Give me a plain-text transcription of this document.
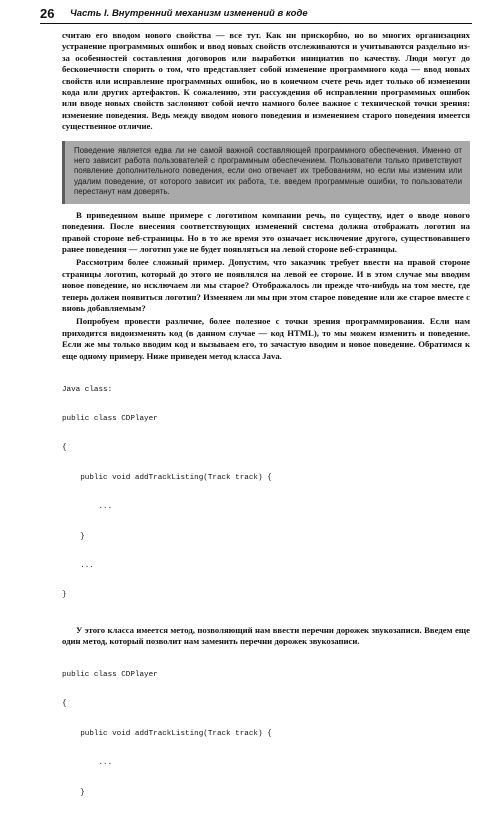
26 Часть I. Внутренний механизм изменений в коде

считаю его вводом нового свойства — все тут. Как ни прискорбно, но во многих организациях устранение программных ошибок и ввод новых свойств отслеживаются и учитываются раздельно из-за особенностей составления договоров или выработки инициатив по качеству. Люди могут до бесконечности спорить о том, что представляет собой изменение программного кода — ввод новых свойств или исправление программных ошибок, но в конечном счете речь идет только об изменении кода или других артефактов. К сожалению, эти рассуждения об исправлении программных ошибок или вводе новых свойств заслоняют собой нечто намного более важное с технической точки зрения: изменение поведения. Ведь между вводом нового поведения и изменением старого поведения имеется существенное отличие.

Поведение является едва ли не самой важной составляющей программного обеспечения. Именно от него зависит работа пользователей с программным обеспечением. Пользователи только приветствуют появление дополнительного поведения, если оно отвечает их требованиям, но если мы изменим или удалим поведение, от которого зависит их работа, т.е. введем программные ошибки, то пользователи перестанут нам доверять.

В приведенном выше примере с логотипом компании речь, по существу, идет о вводе нового поведения. После внесения соответствующих изменений система должна отображать логотип на правой стороне веб-страницы. Но в то же время это означает исключение другого, существовавшего ранее поведения — логотип уже не будет появляться на левой стороне веб-страницы.

Рассмотрим более сложный пример. Допустим, что заказчик требует ввести на правой стороне страницы логотип, который до этого не появлялся на левой ее стороне. И в этом случае мы вводим новое поведение, но исключаем ли мы старое? Отображалось ли прежде что-нибудь на том месте, где теперь должен появиться логотип? Изменяем ли мы при этом старое поведение или же старое вместе с вновь добавляемым?

Попробуем провести различие, более полезное с точки зрения программирования. Если нам приходится видоизменять код (в данном случае — код HTML), то мы можем изменить и поведение. Если же мы только вводим код и вызываем его, то зачастую вводим и новое поведение. Обратимся к еще одному примеру. Ниже приведен метод класса Java.

Java class:

public class CDPlayer

{

public void addTrackListing(Track track) {

...

}

...

}

У этого класса имеется метод, позволяющий нам ввести перечни дорожек звукозаписи. Введем еще один метод, который позволит нам заменить перечни дорожек звукозаписи.

public class CDPlayer

{

public void addTrackListing(Track track) {

...

}
